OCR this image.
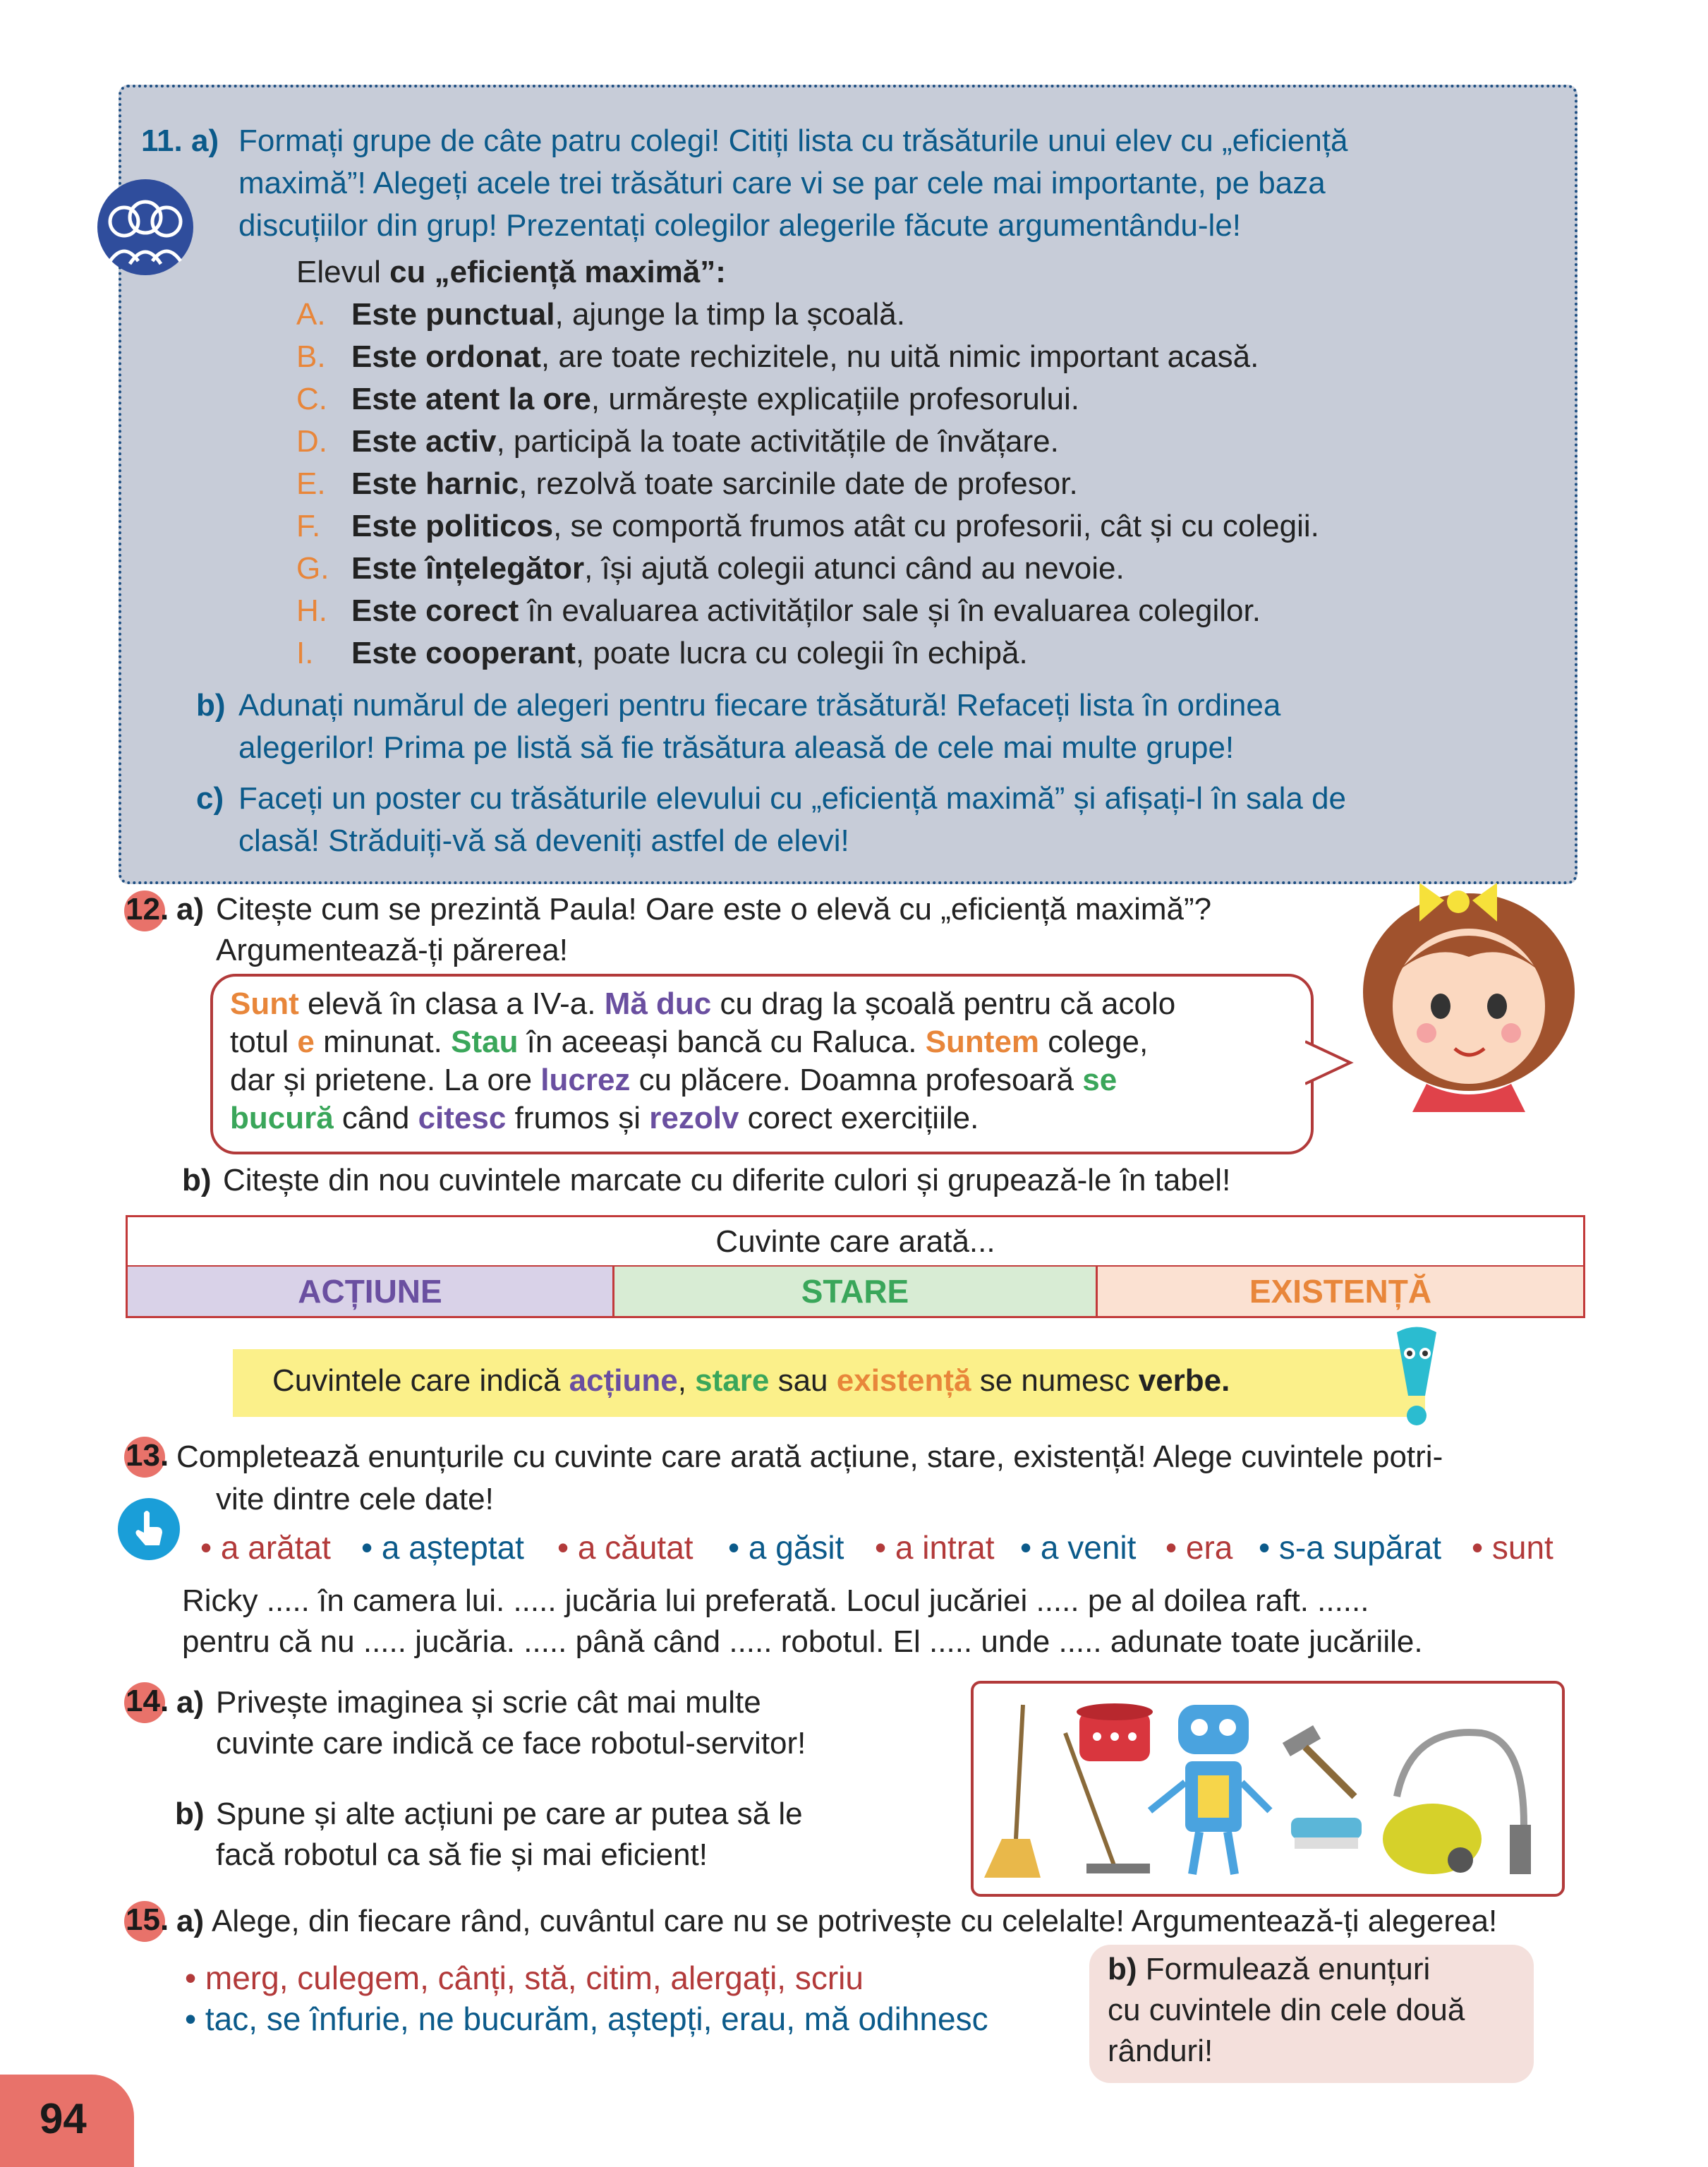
11. a) Formați grupe de câte patru colegi! Citiți lista cu trăsăturile unui elev cu „eficiență
maximă”! Alegeți acele trei trăsături care vi se par cele mai importante, pe baza
discuțiilor din grup! Prezentați colegilor alegerile făcute argumentându-le!
Elevul cu „eficiență maximă”:
A. Este punctual, ajunge la timp la școală.
B. Este ordonat, are toate rechizitele, nu uită nimic important acasă.
C. Este atent la ore, urmărește explicațiile profesorului.
D. Este activ, participă la toate activitățile de învățare.
E. Este harnic, rezolvă toate sarcinile date de profesor.
F. Este politicos, se comportă frumos atât cu profesorii, cât și cu colegii.
G. Este înțelegător, își ajută colegii atunci când au nevoie.
H. Este corect în evaluarea activităților sale și în evaluarea colegilor.
I. Este cooperant, poate lucra cu colegii în echipă.
b) Adunați numărul de alegeri pentru fiecare trăsătură! Refaceți lista în ordinea
alegerilor! Prima pe listă să fie trăsătura aleasă de cele mai multe grupe!
c) Faceți un poster cu trăsăturile elevului cu „eficiență maximă” și afișați-l în sala de
clasă! Străduiți-vă să deveniți astfel de elevi!
12. a) Citește cum se prezintă Paula! Oare este o elevă cu „eficiență maximă”?
Argumentează-ți părerea!
Sunt elevă în clasa a IV-a. Mă duc cu drag la școală pentru că acolo
totul e minunat. Stau în aceeași bancă cu Raluca. Suntem colege,
dar și prietene. La ore lucrez cu plăcere. Doamna profesoară se
bucură când citesc frumos și rezolv corect exercițiile.
b) Citește din nou cuvintele marcate cu diferite culori și grupează-le în tabel!
Cuvinte care arată...
ACȚIUNE	STARE	EXISTENȚĂ
Cuvintele care indică acțiune, stare sau existență se numesc verbe.
13. Completează enunțurile cu cuvinte care arată acțiune, stare, existență! Alege cuvintele potri-
vite dintre cele date!
• a arătat • a așteptat • a căutat • a găsit • a intrat • a venit • era • s-a supărat • sunt
Ricky ..... în camera lui. ..... jucăria lui preferată. Locul jucăriei ..... pe al doilea raft. ......
pentru că nu ..... jucăria. ..... până când ..... robotul. El ..... unde ..... adunate toate jucăriile.
14. a) Privește imaginea și scrie cât mai multe
cuvinte care indică ce face robotul-servitor!
b) Spune și alte acțiuni pe care ar putea să le
facă robotul ca să fie și mai eficient!
15. a) Alege, din fiecare rând, cuvântul care nu se potrivește cu celelalte! Argumentează-ți alegerea!
• merg, culegem, cânți, stă, citim, alergați, scriu
• tac, se înfurie, ne bucurăm, aștepți, erau, mă odihnesc
b) Formulează enunțuri
cu cuvintele din cele două
rânduri!
94
